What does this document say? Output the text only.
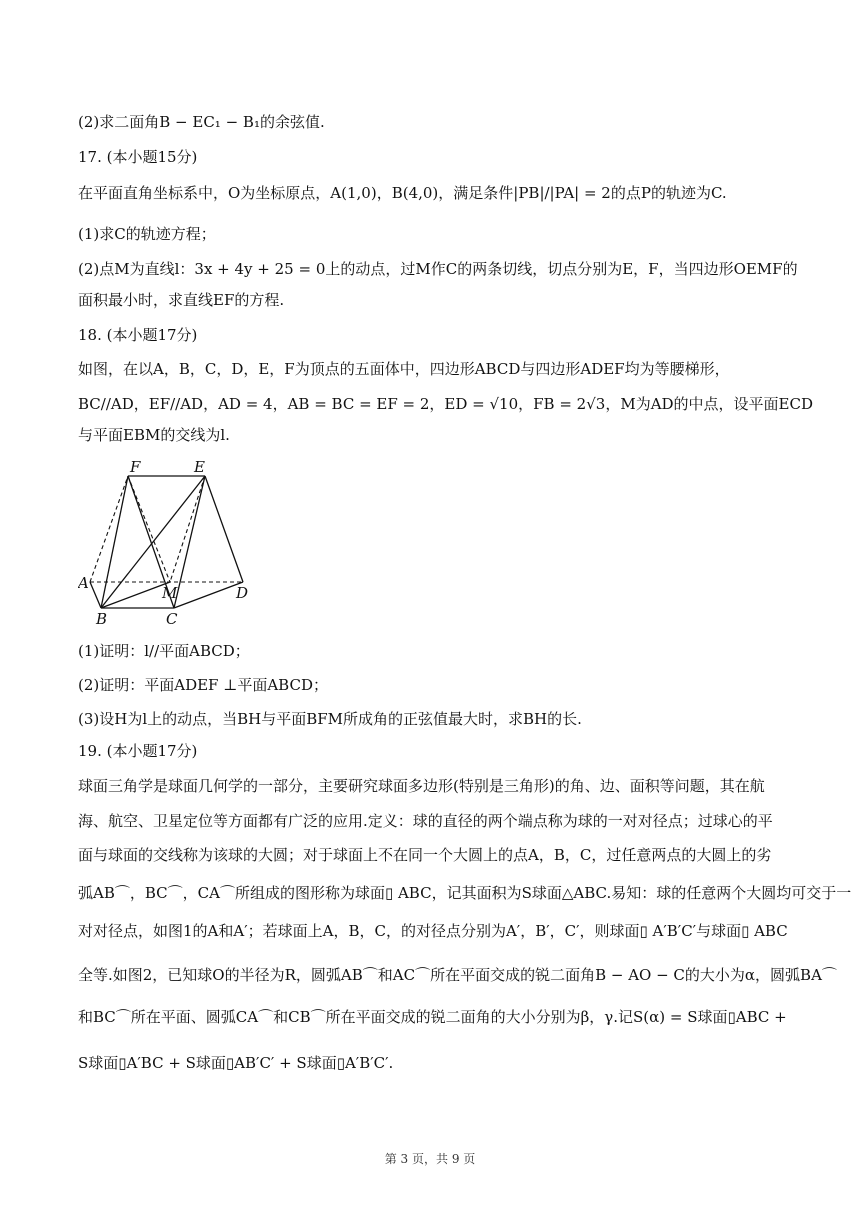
(2)求二面角B − EC₁ − B₁的余弦值.
17. (本小题15分)
在平面直角坐标系中，O为坐标原点，A(1,0)，B(4,0)，满足条件|PB|/|PA| = 2的点P的轨迹为C.
(1)求C的轨迹方程；
(2)点M为直线l：3x + 4y + 25 = 0上的动点，过M作C的两条切线，切点分别为E，F，当四边形OEMF的
面积最小时，求直线EF的方程.
18. (本小题17分)
如图，在以A，B，C，D，E，F为顶点的五面体中，四边形ABCD与四边形ADEF均为等腰梯形，
BC//AD，EF//AD，AD = 4，AB = BC = EF = 2，ED = √10，FB = 2√3，M为AD的中点，设平面ECD
与平面EBM的交线为l.
F	E
A
M	D
B	C
(1)证明：l//平面ABCD；
(2)证明：平面ADEF ⊥平面ABCD；
(3)设H为l上的动点，当BH与平面BFM所成角的正弦值最大时，求BH的长.
19. (本小题17分)
球面三角学是球面几何学的一部分，主要研究球面多边形(特别是三角形)的角、边、面积等问题，其在航
海、航空、卫星定位等方面都有广泛的应用.定义：球的直径的两个端点称为球的一对对径点；过球心的平
面与球面的交线称为该球的大圆；对于球面上不在同一个大圆上的点A，B，C，过任意两点的大圆上的劣
弧AB⌒，BC⌒，CA⌒所组成的图形称为球面▯ ABC，记其面积为S球面△ABC.易知：球的任意两个大圆均可交于一
对对径点，如图1的A和A′；若球面上A，B，C，的对径点分别为A′，B′，C′，则球面▯ A′B′C′与球面▯ ABC
全等.如图2，已知球O的半径为R，圆弧AB⌒和AC⌒所在平面交成的锐二面角B − AO − C的大小为α，圆弧BA⌒
和BC⌒所在平面、圆弧CA⌒和CB⌒所在平面交成的锐二面角的大小分别为β，γ.记S(α) = S球面▯ABC +
S球面▯A′BC + S球面▯AB′C′ + S球面▯A′B′C′.
第 3 页，共 9 页
